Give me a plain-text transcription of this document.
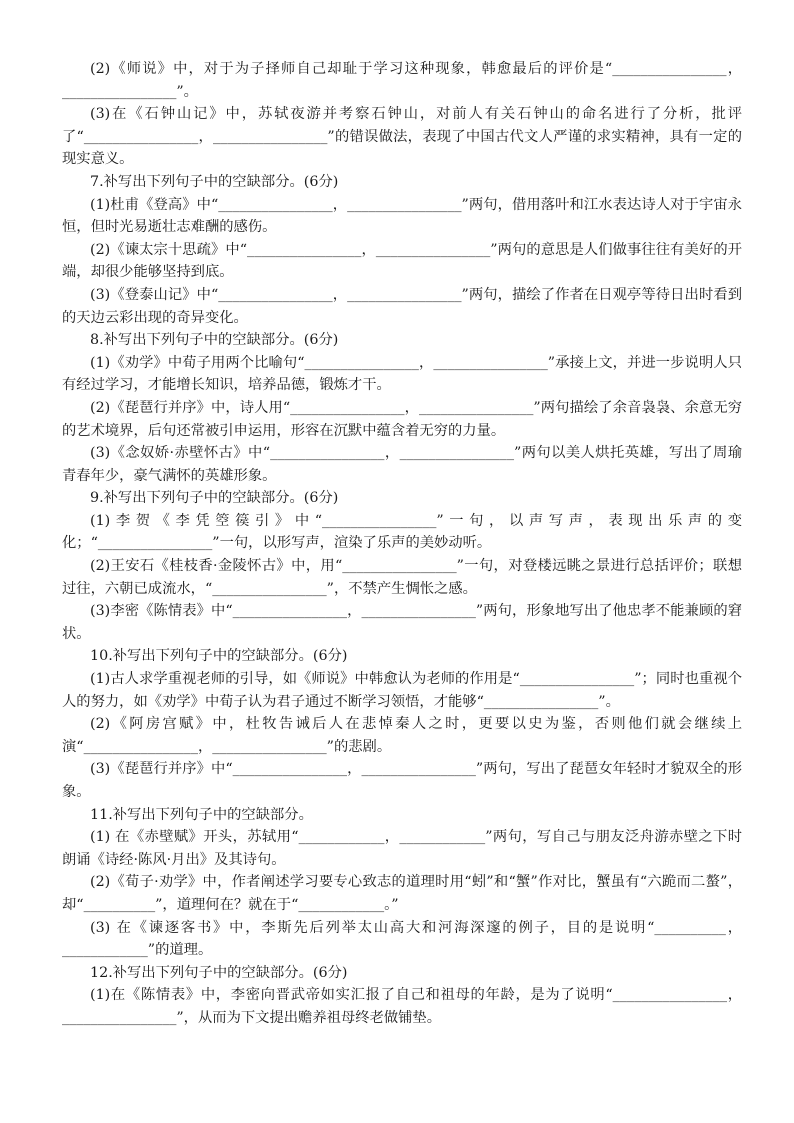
(2)《师说》中，对于为子择师自己却耻于学习这种现象，韩愈最后的评价是“________________，________________”。

(3)在《石钟山记》中，苏轼夜游并考察石钟山，对前人有关石钟山的命名进行了分析，批评了“________________，________________”的错误做法，表现了中国古代文人严谨的求实精神，具有一定的现实意义。

7.补写出下列句子中的空缺部分。(6分)

(1)杜甫《登高》中“________________，________________”两句，借用落叶和江水表达诗人对于宇宙永恒，但时光易逝壮志难酬的感伤。

(2)《谏太宗十思疏》中“________________，________________”两句的意思是人们做事往往有美好的开端，却很少能够坚持到底。

(3)《登泰山记》中“________________，________________”两句，描绘了作者在日观亭等待日出时看到的天边云彩出现的奇异变化。

8.补写出下列句子中的空缺部分。(6分)

(1)《劝学》中荀子用两个比喻句“________________，________________”承接上文，并进一步说明人只有经过学习，才能增长知识，培养品德，锻炼才干。

(2)《琵琶行并序》中，诗人用“________________，________________”两句描绘了余音袅袅、余意无穷的艺术境界，后句还常被引申运用，形容在沉默中蕴含着无穷的力量。

(3)《念奴娇·赤壁怀古》中“________________，________________”两句以美人烘托英雄，写出了周瑜青春年少，豪气满怀的英雄形象。

9.补写出下列句子中的空缺部分。(6分)

(1)李贺《李凭箜篌引》中“________________”一句，以声写声，表现出乐声的变化；“________________”一句，以形写声，渲染了乐声的美妙动听。

(2)王安石《桂枝香·金陵怀古》中，用“________________”一句，对登楼远眺之景进行总括评价；联想过往，六朝已成流水，“________________”，不禁产生惆怅之感。

(3)李密《陈情表》中“________________，________________”两句，形象地写出了他忠孝不能兼顾的窘状。

10.补写出下列句子中的空缺部分。(6分)

(1)古人求学重视老师的引导，如《师说》中韩愈认为老师的作用是“________________”；同时也重视个人的努力，如《劝学》中荀子认为君子通过不断学习领悟，才能够“________________”。

(2)《阿房宫赋》中，杜牧告诫后人在悲悼秦人之时，更要以史为鉴，否则他们就会继续上演“________________，________________”的悲剧。

(3)《琵琶行并序》中“________________，________________”两句，写出了琵琶女年轻时才貌双全的形象。

11.补写出下列句子中的空缺部分。

(1) 在《赤壁赋》开头，苏轼用“____________，____________”两句，写自己与朋友泛舟游赤壁之下时朗诵《诗经·陈风·月出》及其诗句。

(2)《荀子·劝学》中，作者阐述学习要专心致志的道理时用“蚓”和“蟹”作对比，蟹虽有“六跪而二螯”，却“__________”，道理何在？就在于“____________。”

(3) 在《谏逐客书》中，李斯先后列举太山高大和河海深邃的例子，目的是说明“__________，____________”的道理。

12.补写出下列句子中的空缺部分。(6分)

(1)在《陈情表》中，李密向晋武帝如实汇报了自己和祖母的年龄，是为了说明“________________，________________”，从而为下文提出赡养祖母终老做铺垫。
